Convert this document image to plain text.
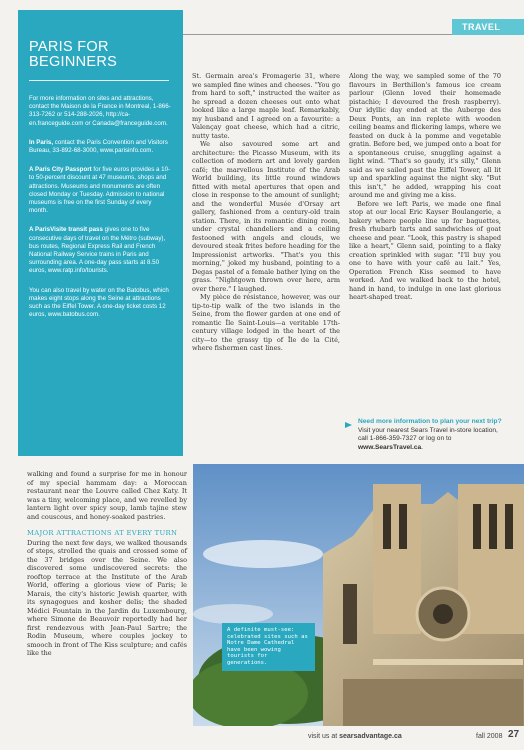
TRAVEL
PARIS FOR
BEGINNERS

For more information on sites and attractions, contact the Maison de la France in Montreal, 1-866-313-7262 or 514-288-2026, http://ca-en.franceguide.com or Canada@franceguide.com.

In Paris, contact the Paris Convention and Visitors Bureau, 33-892-68-3000, www.parisinfo.com.

A Paris City Passport for five euros provides a 10- to 50-percent discount at 47 museums, shops and attractions. Museums and monuments are often closed Monday or Tuesday. Admission to national museums is free on the first Sunday of every month.

A ParisVisite transit pass gives one to five consecutive days of travel on the Métro (subway), bus routes, Regional Express Rail and French National Railway Service trains in Paris and surrounding area. A one-day pass starts at 8.50 euros, www.ratp.info/tourists.

You can also travel by water on the Batobus, which makes eight stops along the Seine at attractions such as the Eiffel Tower. A one-day ticket costs 12 euros, www.batobus.com.

St. Germain area's Fromagerie 31, where we sampled fine wines and cheeses. "You go from hard to soft," instructed the waiter as he spread a dozen cheeses out onto what looked like a large maple leaf. Remarkably, my husband and I agreed on a favourite: a Valençay goat cheese, which had a citric, nutty taste.

We also savoured some art and architecture: the Picasso Museum, with its collection of modern art and lovely garden café; the marvellous Institute of the Arab World building, its little round windows fitted with metal apertures that open and close in response to the amount of sunlight; and the wonderful Musée d'Orsay art gallery, fashioned from a century-old train station. There, in its romantic dining room, under crystal chandeliers and a ceiling festooned with angels and clouds, we devoured steak frites before heading for the Impressionist artworks. "That's you this morning," joked my husband, pointing to a Degas pastel of a female bather lying on the grass. "Nightgown thrown over here, arm over there." I laughed.

My pièce de résistance, however, was our tip-to-tip walk of the two islands in the Seine, from the flower garden at one end of romantic Île Saint-Louis—a veritable 17th-century village lodged in the heart of the city—to the grassy tip of Île de la Cité, where fishermen cast lines.

Along the way, we sampled some of the 70 flavours in Berthillon's famous ice cream parlour (Glenn loved their homemade pistachio; I devoured the fresh raspberry). Our idyllic day ended at the Auberge des Deux Ponts, an inn replete with wooden ceiling beams and flickering lamps, where we feasted on duck à la pomme and vegetable gratin. Before bed, we jumped onto a boat for a spontaneous cruise, snuggling against a light wind. "That's so gaudy, it's silly," Glenn said as we sailed past the Eiffel Tower, all lit up and sparkling against the night sky. "But this isn't," he added, wrapping his coat around me and giving me a kiss.

Before we left Paris, we made one final stop at our local Eric Kayser Boulangerie, a bakery where people line up for baguettes, fresh rhubarb tarts and sandwiches of goat cheese and pear. "Look, this pastry is shaped like a heart," Glenn said, pointing to a flaky creation sprinkled with sugar. "I'll buy you one to have with your café au lait." Yes, Operation French Kiss seemed to have worked. And we walked back to the hotel, hand in hand, to indulge in one last glorious heart-shaped treat.

Need more information to plan your next trip? Visit your nearest Sears Travel in-store location, call 1-866-359-7327 or log on to www.SearsTravel.ca.

walking and found a surprise for me in honour of my special hammam day: a Moroccan restaurant near the Louvre called Chez Katy. It was a tiny, welcoming place, and we revelled by lantern light over spicy soup, lamb tajine stew and couscous, and honey-soaked pastries.

MAJOR ATTRACTIONS AT EVERY TURN

During the next few days, we walked thousands of steps, strolled the quais and crossed some of the 37 bridges over the Seine. We also discovered some undiscovered secrets: the rooftop terrace at the Institute of the Arab World, offering a glorious view of Paris; le Marais, the city's historic Jewish quarter, with its synagogues and kosher delis; the shaded Médici Fountain in the Jardin du Luxembourg, where Simone de Beauvoir reportedly had her first rendezvous with Jean-Paul Sartre; the Rodin Museum, where couples jockey to smooch in front of The Kiss sculpture; and cafés like the

A definite must-see: celebrated sites such as Notre Dame Cathedral have been wowing tourists for generations.
visit us at searsadvantage.ca	fall 2008 27
